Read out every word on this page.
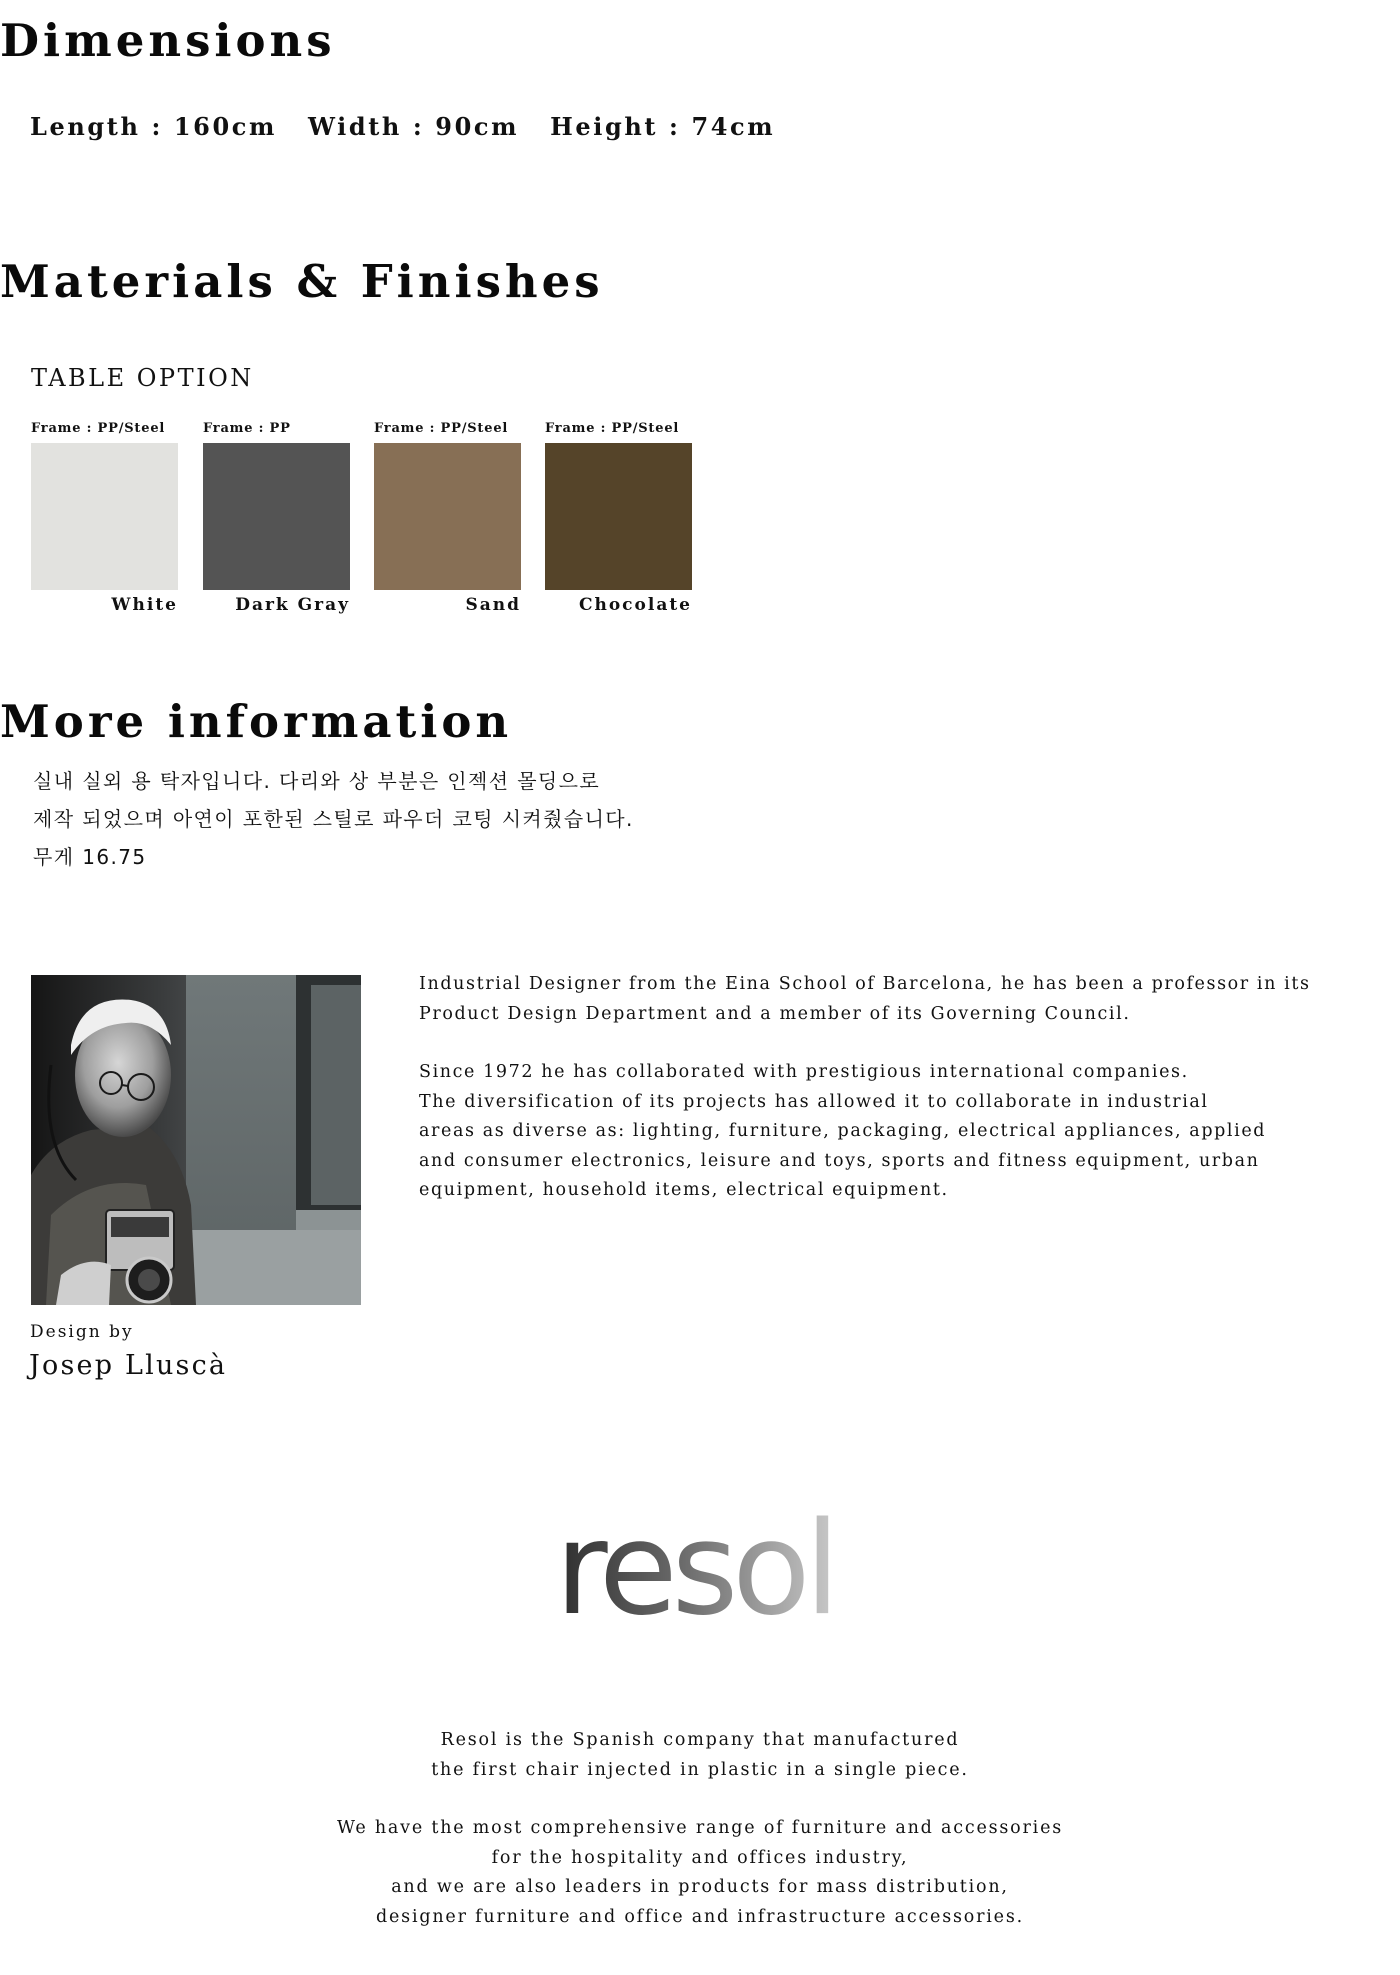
Dimensions
Length : 160cm Width : 90cm Height : 74cm
Materials & Finishes
TABLE OPTION
Frame : PP/Steel
White
Frame : PP
Dark Gray
Frame : PP/Steel
Sand
Frame : PP/Steel
Chocolate
More information
실내 실외 용 탁자입니다. 다리와 상 부분은 인젝션 몰딩으로
제작 되었으며 아연이 포한된 스틸로 파우더 코팅 시켜줬습니다.
무게 16.75
Design by
Josep Lluscà

Industrial Designer from the Eina School of Barcelona, he has been a professor in its

Product Design Department and a member of its Governing Council.

Since 1972 he has collaborated with prestigious international companies.

The diversification of its projects has allowed it to collaborate in industrial

areas as diverse as: lighting, furniture, packaging, electrical appliances, applied

and consumer electronics, leisure and toys, sports and fitness equipment, urban

equipment, household items, electrical equipment.

resol

Resol is the Spanish company that manufactured

the first chair injected in plastic in a single piece.

We have the most comprehensive range of furniture and accessories

for the hospitality and offices industry,

and we are also leaders in products for mass distribution,

designer furniture and office and infrastructure accessories.
